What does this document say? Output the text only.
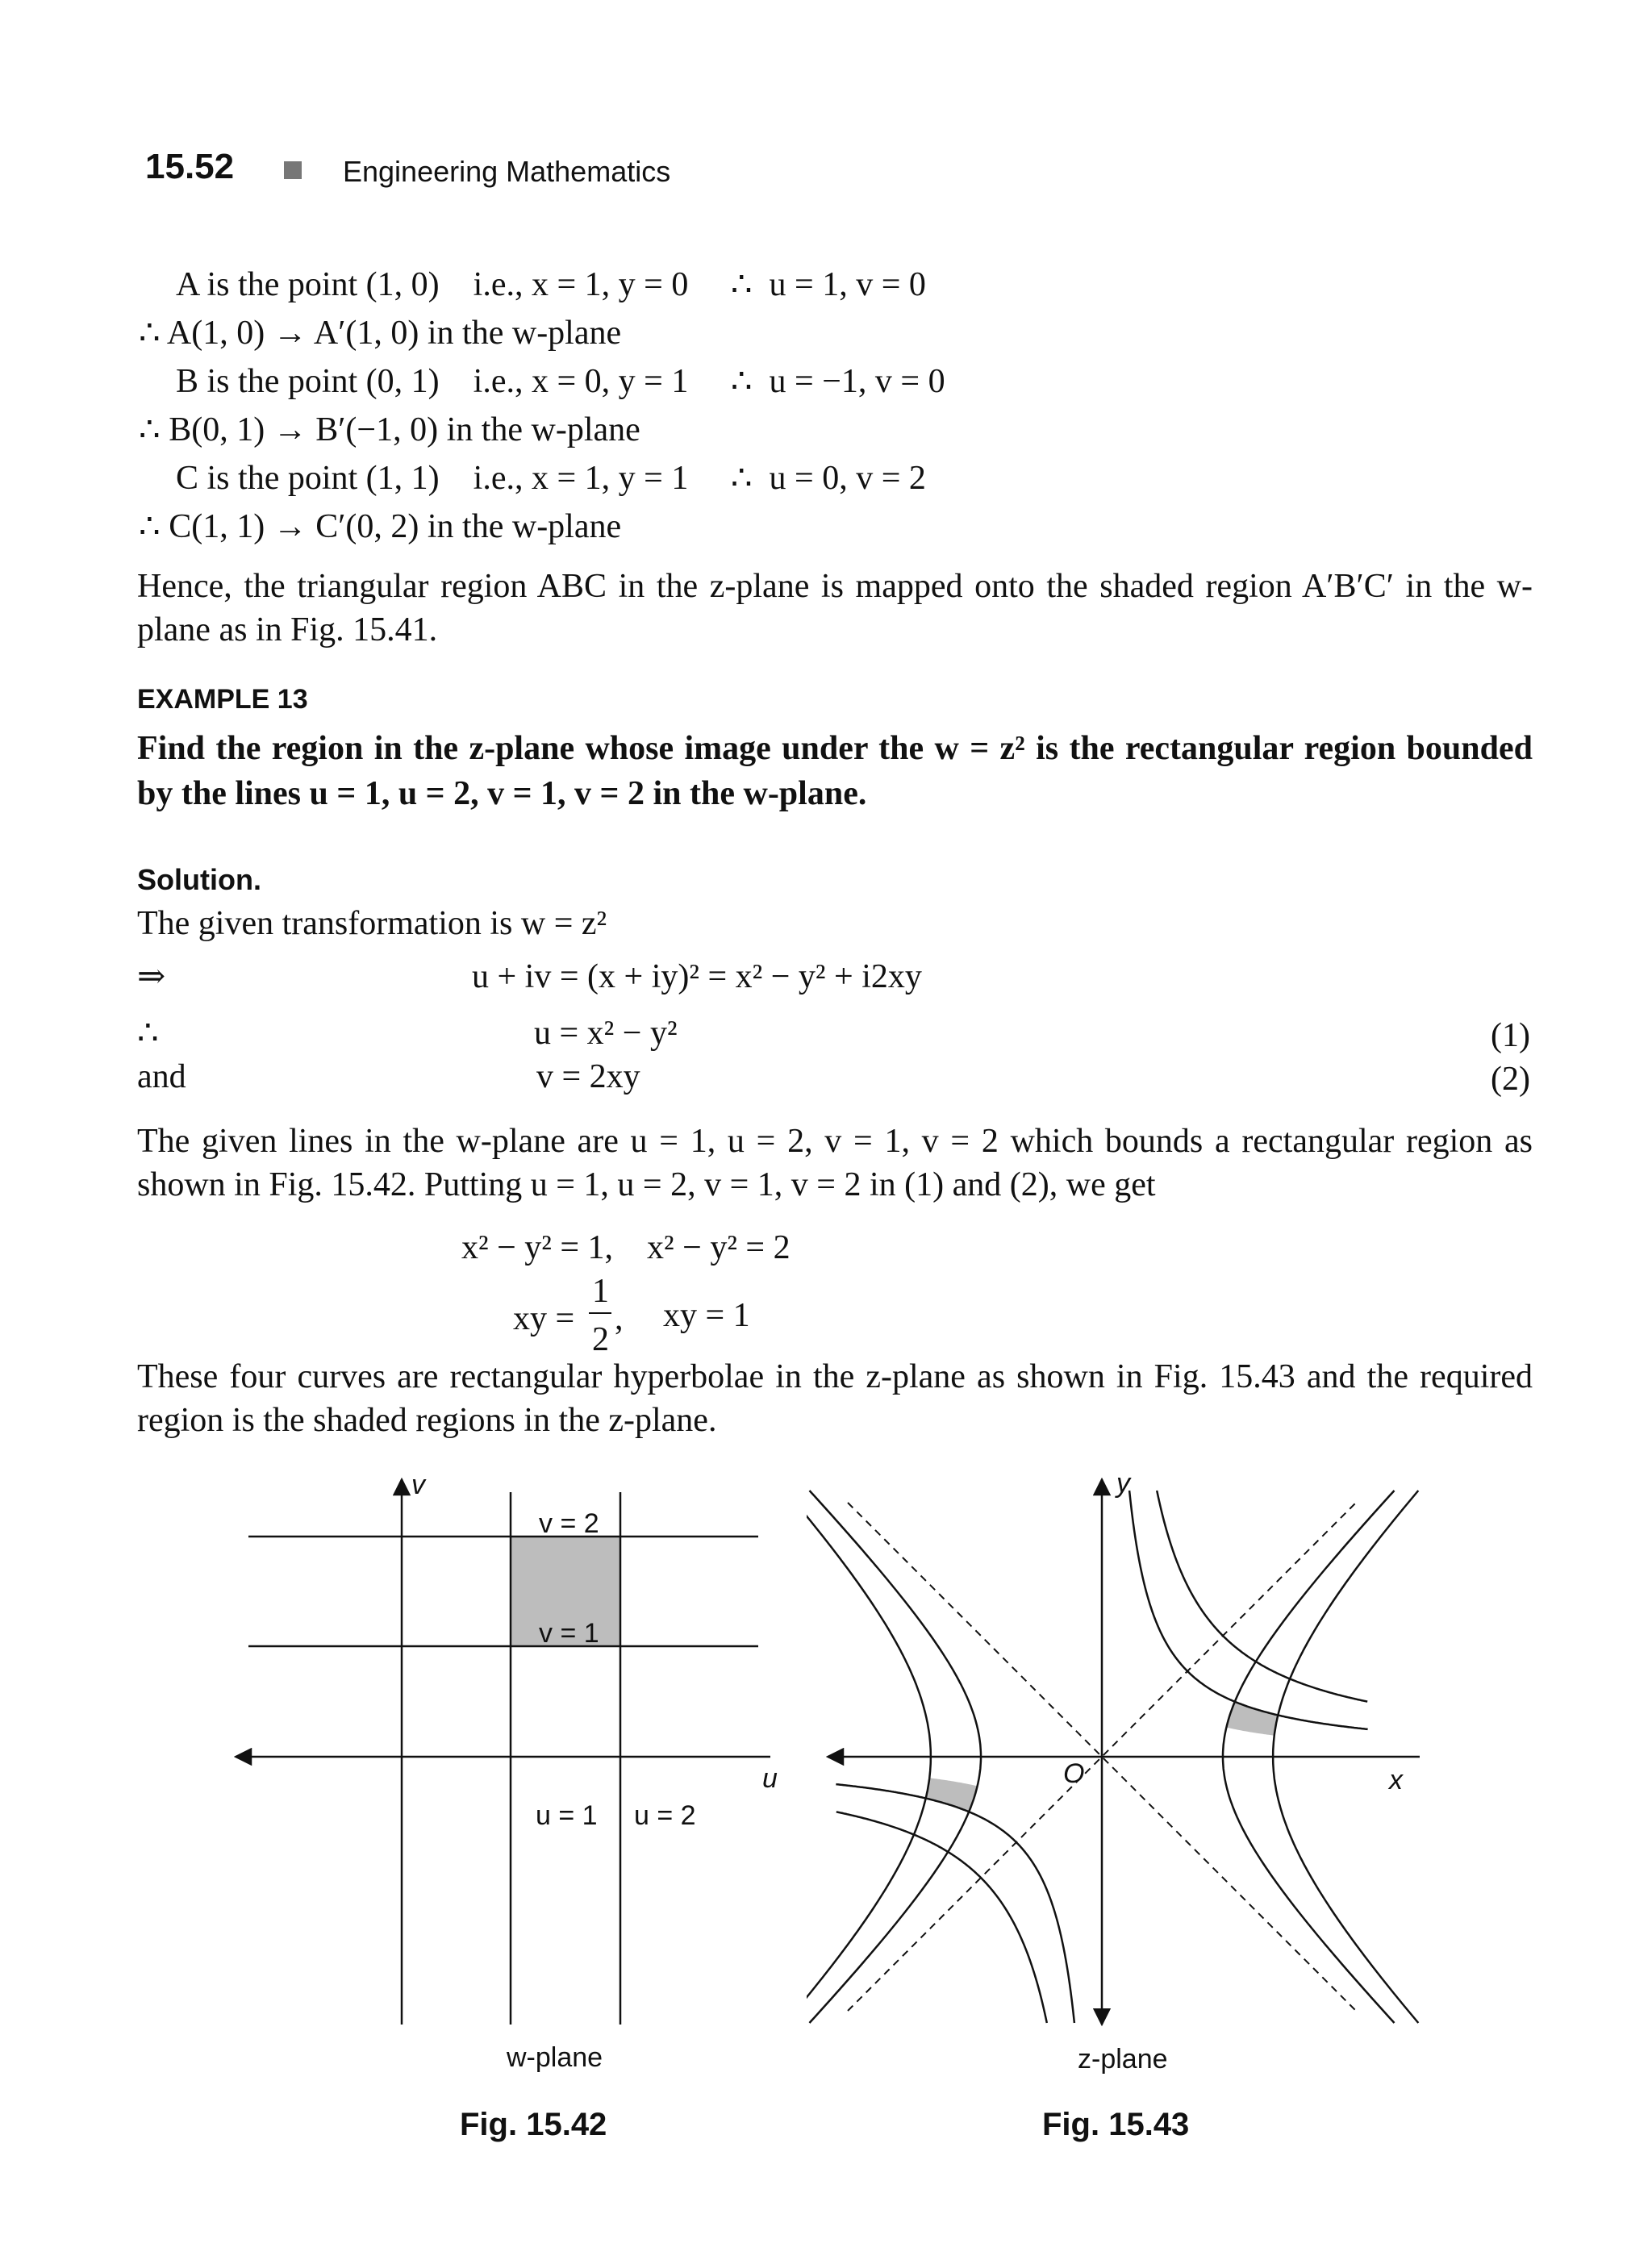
15.52	Engineering Mathematics
A is the point (1, 0)    i.e., x = 1, y = 0     ∴  u = 1, v = 0
∴ A(1, 0) → A′(1, 0) in the w-plane
B is the point (0, 1)    i.e., x = 0, y = 1     ∴  u = −1, v = 0
∴ B(0, 1) → B′(−1, 0) in the w-plane
C is the point (1, 1)    i.e., x = 1, y = 1     ∴  u = 0, v = 2
∴ C(1, 1) → C′(0, 2) in the w-plane
Hence, the triangular region ABC in the z-plane is mapped onto the shaded region A′B′C′ in the w-plane as in Fig. 15.41.
EXAMPLE 13
Find the region in the z-plane whose image under the w = z² is the rectangular region bounded by the lines u = 1, u = 2, v = 1, v = 2 in the w-plane.
Solution.
The given transformation is w = z²
⇒	u + iv = (x + iy)² = x² − y² + i2xy
∴	u = x² − y²	(1)
and	v = 2xy	(2)
The given lines in the w-plane are u = 1, u = 2, v = 1, v = 2 which bounds a rectangular region as shown in Fig. 15.42. Putting u = 1, u = 2, v = 1, v = 2 in (1) and (2), we get
x² − y² = 1,    x² − y² = 2
xy =
1
2
, xy = 1
These four curves are rectangular hyperbolae in the z-plane as shown in Fig. 15.43 and the required region is the shaded regions in the z-plane.
v
v = 2
v = 1
u
u = 1 u = 2
w-plane
Fig. 15.42
y
x
O
z-plane
Fig. 15.43
